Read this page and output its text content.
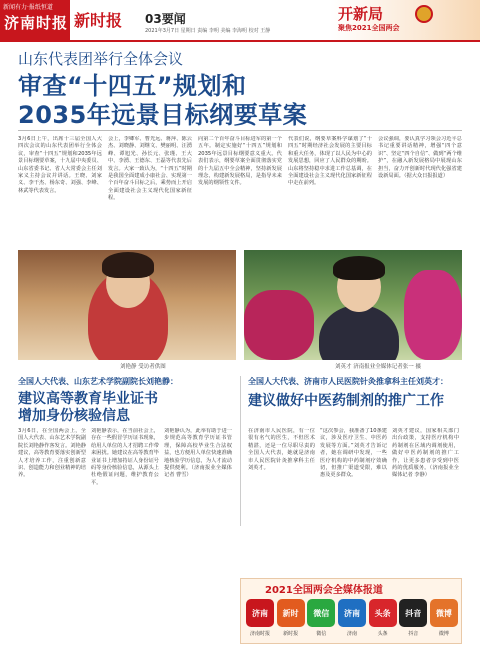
新闻有力·报纸恒道
济南时报 新时报 03要闻
2021年3月7日 星期日 责编 李明 美编 李海明 校对 王静
开新局
聚焦2021全国两会
山东代表团举行全体会议
审查“十四五”规划和
2035年远景目标纲要草案

3月6日上午，出席十三届全国人大四次会议的山东代表团举行全体会议，审查“十四五”规划和2035年远景目标纲要草案，十九届中央委员、山东省委书记、省人大常委会主任刘家义主持会议并讲话。王晓、刘家义、李干杰、杨东奇、刘强、李峰、林武等代表发言。

会上，李卿军、曹光远、蒋萍、陈云杰、刘晓静、刘继文、樊丽明、汪湧峰、谭旭光、孙长元、张瑾、王大中、李湧、王德东、王磊等代表先后发言。大家一致认为，“十四五”时期是我国全面建成小康社会、实现第一个百年奋斗目标之后，乘势而上开启全面建设社会主义现代化国家新征程。

向第二个百年奋斗目标进军的第一个五年。制定实施好“十四五”规划和2035年远景目标纲要意义重大。代表们表示，纲要草案全面贯彻落实党的十九届五中全会精神，坚持新发展理念，构建新发展格局，是指导未来发展的纲领性文件。

代表们说，纲要草案科学谋划了“十四五”时期经济社会发展的主要目标和重大任务，体现了以人民为中心的发展思想，回应了人民群众的期盼。山东将坚持稳中求进工作总基调，在全面建设社会主义现代化国家新征程中走在前列。

会议强调，要认真学习领会习近平总书记重要讲话精神，增强“四个意识”、坚定“四个自信”、做到“两个维护”，在融入新发展格局中展现山东担当，奋力开创新时代现代化强省建设新局面。（据大众日报报道）

刘艳静 受访者供图	刘英才 济南报业全媒体记者张一 摄
全国人大代表、山东艺术学院副院长刘艳静：
建议高等教育毕业证书
增加身份核验信息

3月6日，在全国两会上，全国人大代表、山东艺术学院副院长刘艳静作客发言。刘艳静建议，高等教育要落实创新型人才培养工作，注重创新意识、创造能力和创业精神的培养。

刘艳静表示，在当前社会上，存在一些假冒学历证书现象，给用人单位的人才招聘工作带来困扰。她建议在高等教育毕业证书上增加持证人身份证号码等身份核验信息，从源头上杜绝假证问题，维护教育公平。

刘艳静认为，此举有助于进一步规范高等教育学历证书管理，保障高校毕业生合法权益，也方便用人单位快速准确地核验学历信息，为人才流动提供便利。（济南报业全媒体记者 曹雪）

全国人大代表、济南市人民医院针灸推拿科主任刘英才：
建议做好中医药制剂的推广工作

在济南市人民医院，有一位很有名气的医生，不但医术精湛，还是一位尽职尽责的全国人大代表，她就是济南市人民医院针灸推拿科主任刘英才。

“这次参会，我准备了10条建议，涉及医疗卫生、中医药发展等方面。”刘英才告诉记者，她在调研中发现，一些医疗机构的中药制剂疗效确切，但推广渠道受限，难以惠及更多群众。

刘英才建议，国家相关部门出台政策，支持医疗机构中药制剂在区域内调剂使用，做好中医药制剂的推广工作，让更多患者享受到中医药的优质服务。（济南报业全媒体记者 李静）

2021全国两会全媒体报道
济南	新时	微信	济南	头条	抖音	微博
济南时报	新时报	微信	济南	头条	抖音	微博
